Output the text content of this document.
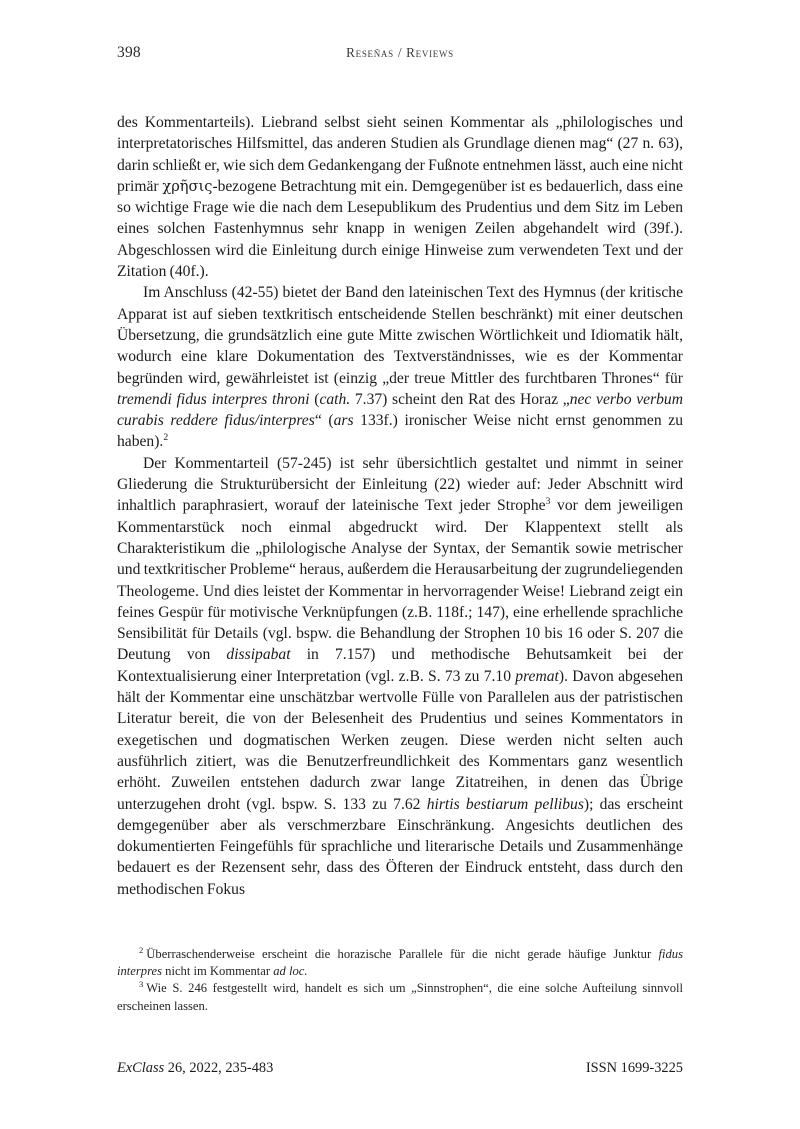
398	Reseñas / Reviews

des Kommentarteils). Liebrand selbst sieht seinen Kommentar als „philologisches und interpretatorisches Hilfsmittel, das anderen Studien als Grundlage dienen mag“ (27 n. 63), darin schließt er, wie sich dem Gedankengang der Fußnote entnehmen lässt, auch eine nicht primär χρῆσις-bezogene Betrachtung mit ein. Demgegenüber ist es bedauerlich, dass eine so wichtige Frage wie die nach dem Lesepublikum des Prudentius und dem Sitz im Leben eines solchen Fastenhymnus sehr knapp in wenigen Zeilen abgehandelt wird (39f.). Abgeschlossen wird die Einleitung durch einige Hinweise zum verwendeten Text und der Zitation (40f.).

Im Anschluss (42-55) bietet der Band den lateinischen Text des Hymnus (der kritische Apparat ist auf sieben textkritisch entscheidende Stellen beschränkt) mit einer deutschen Übersetzung, die grundsätzlich eine gute Mitte zwischen Wörtlichkeit und Idiomatik hält, wodurch eine klare Dokumentation des Textverständnisses, wie es der Kommentar begründen wird, gewährleistet ist (einzig „der treue Mittler des furchtbaren Thrones“ für tremendi fidus interpres throni (cath. 7.37) scheint den Rat des Horaz „nec verbo verbum curabis reddere fidus/interpres“ (ars 133f.) ironischer Weise nicht ernst genommen zu haben).$^2$

Der Kommentarteil (57-245) ist sehr übersichtlich gestaltet und nimmt in seiner Gliederung die Strukturübersicht der Einleitung (22) wieder auf: Jeder Abschnitt wird inhaltlich paraphrasiert, worauf der lateinische Text jeder Strophe$^3$ vor dem jeweiligen Kommentarstück noch einmal abgedruckt wird. Der Klappentext stellt als Charakteristikum die „philologische Analyse der Syntax, der Semantik sowie metrischer und textkritischer Probleme“ heraus, außerdem die Herausarbeitung der zugrundeliegenden Theologeme. Und dies leistet der Kommentar in hervorragender Weise! Liebrand zeigt ein feines Gespür für motivische Verknüpfungen (z.B. 118f.; 147), eine erhellende sprachliche Sensibilität für Details (vgl. bspw. die Behandlung der Strophen 10 bis 16 oder S. 207 die Deutung von dissipabat in 7.157) und methodische Behutsamkeit bei der Kontextualisierung einer Interpretation (vgl. z.B. S. 73 zu 7.10 premat). Davon abgesehen hält der Kommentar eine unschätzbar wertvolle Fülle von Parallelen aus der patristischen Literatur bereit, die von der Belesenheit des Prudentius und seines Kommentators in exegetischen und dogmatischen Werken zeugen. Diese werden nicht selten auch ausführlich zitiert, was die Benutzerfreundlichkeit des Kommentars ganz wesentlich erhöht. Zuweilen entstehen dadurch zwar lange Zitatreihen, in denen das Übrige unterzugehen droht (vgl. bspw. S. 133 zu 7.62 hirtis bestiarum pellibus); das erscheint demgegenüber aber als verschmerzbare Einschränkung. Angesichts deutlichen des dokumentierten Feingefühls für sprachliche und literarische Details und Zusammenhänge bedauert es der Rezensent sehr, dass des Öfteren der Eindruck entsteht, dass durch den methodischen Fokus

$^2$ Überraschenderweise erscheint die horazische Parallele für die nicht gerade häufige Junktur fidus interpres nicht im Kommentar ad loc.

$^3$ Wie S. 246 festgestellt wird, handelt es sich um „Sinnstrophen“, die eine solche Aufteilung sinnvoll erscheinen lassen.

ExClass 26, 2022, 235-483	ISSN 1699-3225
